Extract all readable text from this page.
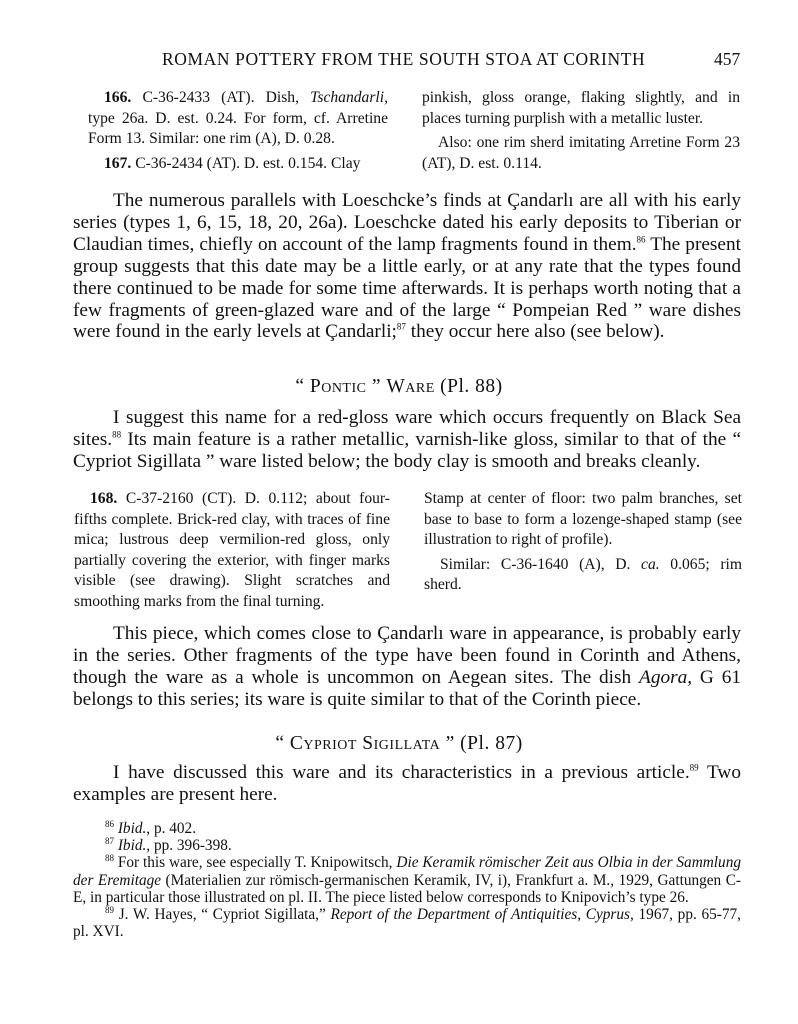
ROMAN POTTERY FROM THE SOUTH STOA AT CORINTH	457

166. C-36-2433 (AT). Dish, Tschandarli, type 26a. D. est. 0.24. For form, cf. Arretine Form 13. Similar: one rim (A), D. 0.28.

167. C-36-2434 (AT). D. est. 0.154. Clay

pinkish, gloss orange, flaking slightly, and in places turning purplish with a metallic luster.

Also: one rim sherd imitating Arretine Form 23 (AT), D. est. 0.114.

The numerous parallels with Loeschcke’s finds at Çandarlı are all with his early series (types 1, 6, 15, 18, 20, 26a). Loeschcke dated his early deposits to Tiberian or Claudian times, chiefly on account of the lamp fragments found in them.$^{86}$ The present group suggests that this date may be a little early, or at any rate that the types found there continued to be made for some time afterwards. It is perhaps worth noting that a few fragments of green-glazed ware and of the large “ Pompeian Red ” ware dishes were found in the early levels at Çandarli;$^{87}$ they occur here also (see below).

“ Pontic ” Ware (Pl. 88)

I suggest this name for a red-gloss ware which occurs frequently on Black Sea sites.$^{88}$ Its main feature is a rather metallic, varnish-like gloss, similar to that of the “ Cypriot Sigillata ” ware listed below; the body clay is smooth and breaks cleanly.

168. C-37-2160 (CT). D. 0.112; about four-fifths complete. Brick-red clay, with traces of fine mica; lustrous deep vermilion-red gloss, only partially covering the exterior, with finger marks visible (see drawing). Slight scratches and smoothing marks from the final turning.

Stamp at center of floor: two palm branches, set base to base to form a lozenge-shaped stamp (see illustration to right of profile).

Similar: C-36-1640 (A), D. ca. 0.065; rim sherd.

This piece, which comes close to Çandarlı ware in appearance, is probably early in the series. Other fragments of the type have been found in Corinth and Athens, though the ware as a whole is uncommon on Aegean sites. The dish Agora, G 61 belongs to this series; its ware is quite similar to that of the Corinth piece.

“ Cypriot Sigillata ” (Pl. 87)

I have discussed this ware and its characteristics in a previous article.$^{89}$ Two examples are present here.

$^{86}$ Ibid., p. 402.

$^{87}$ Ibid., pp. 396-398.

$^{88}$ For this ware, see especially T. Knipowitsch, Die Keramik römischer Zeit aus Olbia in der Sammlung der Eremitage (Materialien zur römisch-germanischen Keramik, IV, i), Frankfurt a. M., 1929, Gattungen C-E, in particular those illustrated on pl. II. The piece listed below corresponds to Knipovich’s type 26.

$^{89}$ J. W. Hayes, “ Cypriot Sigillata,” Report of the Department of Antiquities, Cyprus, 1967, pp. 65-77, pl. XVI.
